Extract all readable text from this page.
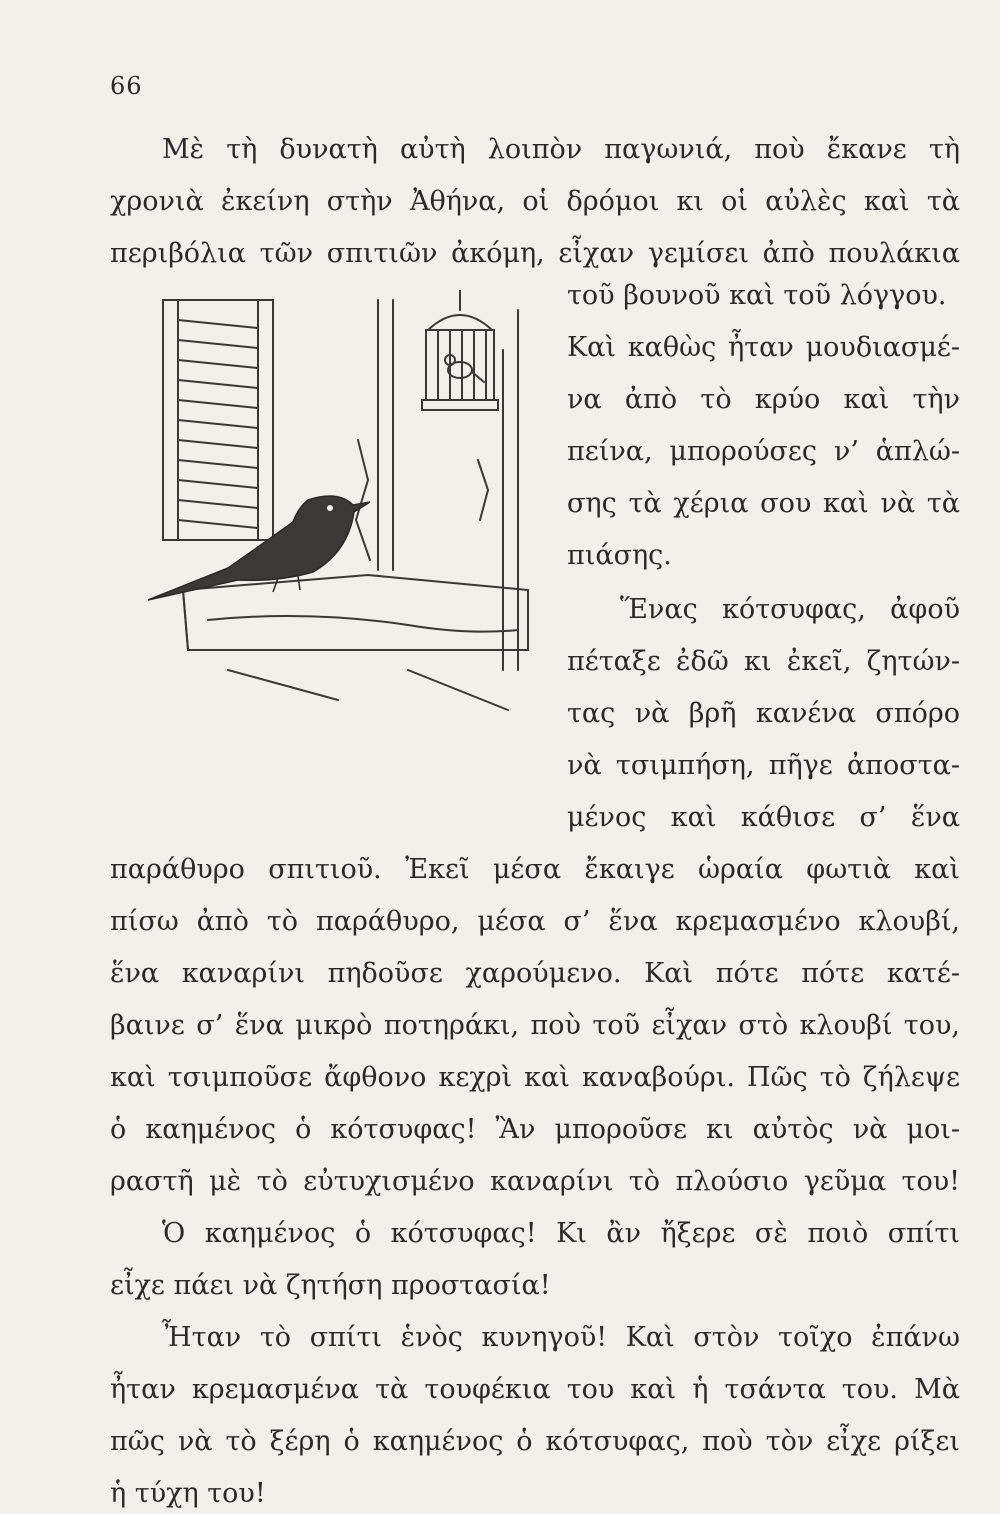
66
Μὲ τὴ δυνατὴ αὐτὴ λοιπὸν παγωνιά, ποὺ ἔκανε τὴ
χρονιὰ ἐκείνη στὴν Ἀθήνα, οἱ δρόμοι κι οἱ αὐλὲς καὶ τὰ
περιβόλια τῶν σπιτιῶν ἀκόμη, εἶχαν γεμίσει ἀπὸ πουλάκια
τοῦ βουνοῦ καὶ τοῦ λόγγου.
Καὶ καθὼς ἦταν μουδιασμέ-
να ἀπὸ τὸ κρύο καὶ τὴν
πείνα, μπορούσες ν’ ἁπλώ-
σης τὰ χέρια σου καὶ νὰ τὰ
πιάσης.
Ἕνας κότσυφας, ἀφοῦ
πέταξε ἐδῶ κι ἐκεῖ, ζητών-
τας νὰ βρῆ κανένα σπόρο
νὰ τσιμπήση, πῆγε ἀποστα-
μένος καὶ κάθισε σ’ ἕνα
παράθυρο σπιτιοῦ. Ἐκεῖ μέσα ἔκαιγε ὡραία φωτιὰ καὶ
πίσω ἀπὸ τὸ παράθυρο, μέσα σ’ ἕνα κρεμασμένο κλουβί,
ἕνα καναρίνι πηδοῦσε χαρούμενο. Καὶ πότε πότε κατέ-
βαινε σ’ ἕνα μικρὸ ποτηράκι, ποὺ τοῦ εἶχαν στὸ κλουβί του,
καὶ τσιμποῦσε ἄφθονο κεχρὶ καὶ καναβούρι. Πῶς τὸ ζήλεψε
ὁ καημένος ὁ κότσυφας! Ἂν μποροῦσε κι αὐτὸς νὰ μοι-
ραστῆ μὲ τὸ εὐτυχισμένο καναρίνι τὸ πλούσιο γεῦμα του!
Ὁ καημένος ὁ κότσυφας! Κι ἂν ἤξερε σὲ ποιὸ σπίτι
εἶχε πάει νὰ ζητήση προστασία!
Ἦταν τὸ σπίτι ἑνὸς κυνηγοῦ! Καὶ στὸν τοῖχο ἐπάνω
ἦταν κρεμασμένα τὰ τουφέκια του καὶ ἡ τσάντα του. Μὰ
πῶς νὰ τὸ ξέρη ὁ καημένος ὁ κότσυφας, ποὺ τὸν εἶχε ρίξει
ἡ τύχη του!
